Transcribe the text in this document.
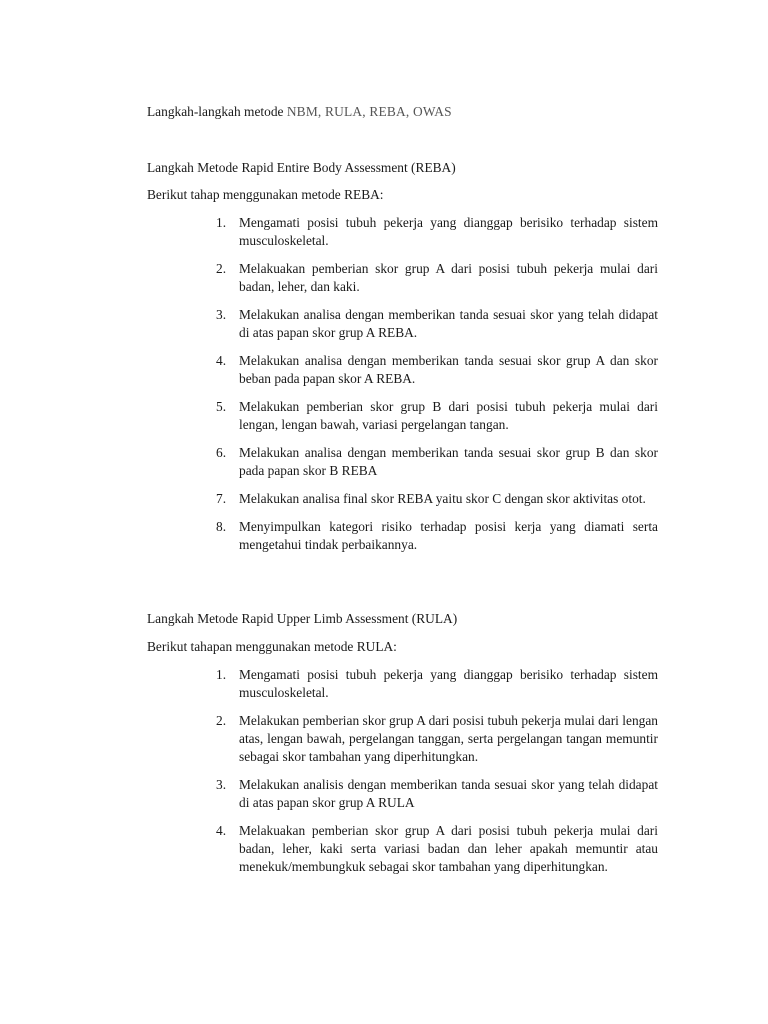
Langkah-langkah metode NBM, RULA, REBA, OWAS

Langkah Metode Rapid Entire Body Assessment (REBA)

Berikut tahap menggunakan metode REBA:

1. Mengamati posisi tubuh pekerja yang dianggap berisiko terhadap sistem musculoskeletal.
2. Melakuakan pemberian skor grup A dari posisi tubuh pekerja mulai dari badan, leher, dan kaki.
3. Melakukan analisa dengan memberikan tanda sesuai skor yang telah didapat di atas papan skor grup A REBA.
4. Melakukan analisa dengan memberikan tanda sesuai skor grup A dan skor beban pada papan skor A REBA.
5. Melakukan pemberian skor grup B dari posisi tubuh pekerja mulai dari lengan, lengan bawah, variasi pergelangan tangan.
6. Melakukan analisa dengan memberikan tanda sesuai skor grup B dan skor pada papan skor B REBA
7. Melakukan analisa final skor REBA yaitu skor C dengan skor aktivitas otot.
8. Menyimpulkan kategori risiko terhadap posisi kerja yang diamati serta mengetahui tindak perbaikannya.

Langkah Metode Rapid Upper Limb Assessment (RULA)

Berikut tahapan menggunakan metode RULA:

1. Mengamati posisi tubuh pekerja yang dianggap berisiko terhadap sistem musculoskeletal.
2. Melakukan pemberian skor grup A dari posisi tubuh pekerja mulai dari lengan atas, lengan bawah, pergelangan tanggan, serta pergelangan tangan memuntir sebagai skor tambahan yang diperhitungkan.
3. Melakukan analisis dengan memberikan tanda sesuai skor yang telah didapat di atas papan skor grup A RULA
4. Melakuakan pemberian skor grup A dari posisi tubuh pekerja mulai dari badan, leher, kaki serta variasi badan dan leher apakah memuntir atau menekuk/membungkuk sebagai skor tambahan yang diperhitungkan.
